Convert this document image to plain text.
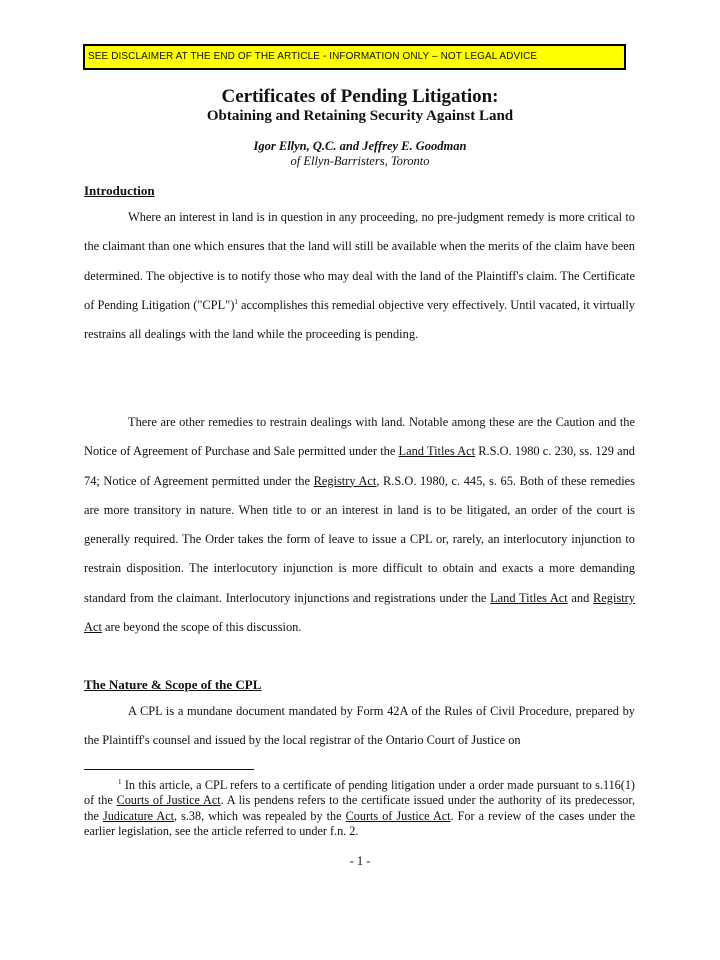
SEE DISCLAIMER AT THE END OF THE ARTICLE - INFORMATION ONLY – NOT LEGAL ADVICE
Certificates of Pending Litigation:
Obtaining and Retaining Security Against Land
Igor Ellyn, Q.C. and Jeffrey E. Goodman
of Ellyn-Barristers, Toronto
Introduction
Where an interest in land is in question in any proceeding, no pre-judgment remedy is more critical to the claimant than one which ensures that the land will still be available when the merits of the claim have been determined. The objective is to notify those who may deal with the land of the Plaintiff's claim. The Certificate of Pending Litigation ("CPL")$^1$ accomplishes this remedial objective very effectively. Until vacated, it virtually restrains all dealings with the land while the proceeding is pending.
There are other remedies to restrain dealings with land. Notable among these are the Caution and the Notice of Agreement of Purchase and Sale permitted under the Land Titles Act R.S.O. 1980 c. 230, ss. 129 and 74; Notice of Agreement permitted under the Registry Act, R.S.O. 1980, c. 445, s. 65. Both of these remedies are more transitory in nature. When title to or an interest in land is to be litigated, an order of the court is generally required. The Order takes the form of leave to issue a CPL or, rarely, an interlocutory injunction to restrain disposition. The interlocutory injunction is more difficult to obtain and exacts a more demanding standard from the claimant. Interlocutory injunctions and registrations under the Land Titles Act and Registry Act are beyond the scope of this discussion.
The Nature & Scope of the CPL
A CPL is a mundane document mandated by Form 42A of the Rules of Civil Procedure, prepared by the Plaintiff's counsel and issued by the local registrar of the Ontario Court of Justice on
$^1$ In this article, a CPL refers to a certificate of pending litigation under a order made pursuant to s.116(1) of the Courts of Justice Act. A lis pendens refers to the certificate issued under the authority of its predecessor, the Judicature Act, s.38, which was repealed by the Courts of Justice Act. For a review of the cases under the earlier legislation, see the article referred to under f.n. 2.
- 1 -
